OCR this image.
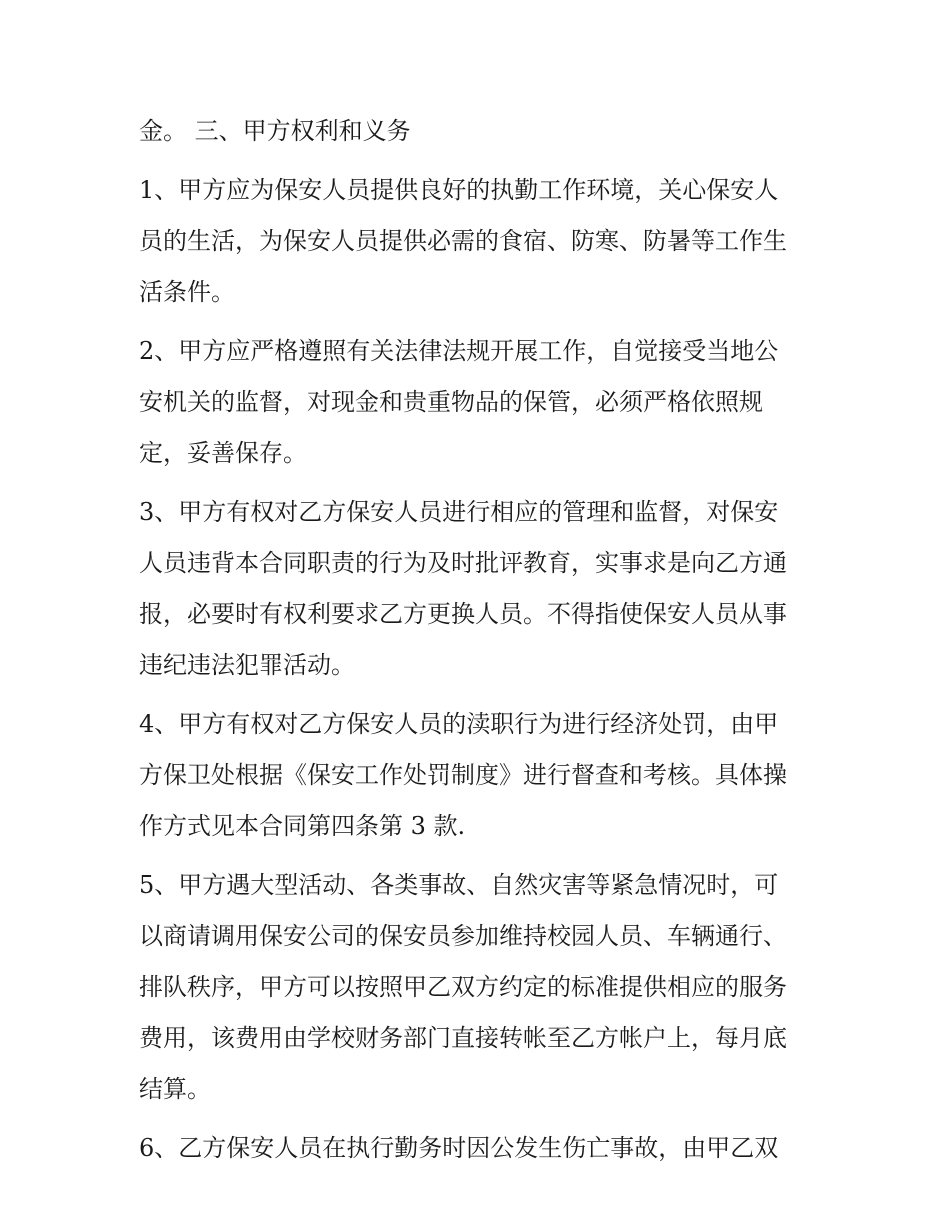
金。 三、甲方权利和义务

1、甲方应为保安人员提供良好的执勤工作环境，关心保安人
员的生活，为保安人员提供必需的食宿、防寒、防暑等工作生
活条件。

2、甲方应严格遵照有关法律法规开展工作，自觉接受当地公
安机关的监督，对现金和贵重物品的保管，必须严格依照规
定，妥善保存。

3、甲方有权对乙方保安人员进行相应的管理和监督，对保安
人员违背本合同职责的行为及时批评教育，实事求是向乙方通
报，必要时有权利要求乙方更换人员。不得指使保安人员从事
违纪违法犯罪活动。

4、甲方有权对乙方保安人员的渎职行为进行经济处罚，由甲
方保卫处根据《保安工作处罚制度》进行督查和考核。具体操
作方式见本合同第四条第 3 款.

5、甲方遇大型活动、各类事故、自然灾害等紧急情况时，可
以商请调用保安公司的保安员参加维持校园人员、车辆通行、
排队秩序，甲方可以按照甲乙双方约定的标准提供相应的服务
费用，该费用由学校财务部门直接转帐至乙方帐户上，每月底
结算。

6、乙方保安人员在执行勤务时因公发生伤亡事故，由甲乙双
